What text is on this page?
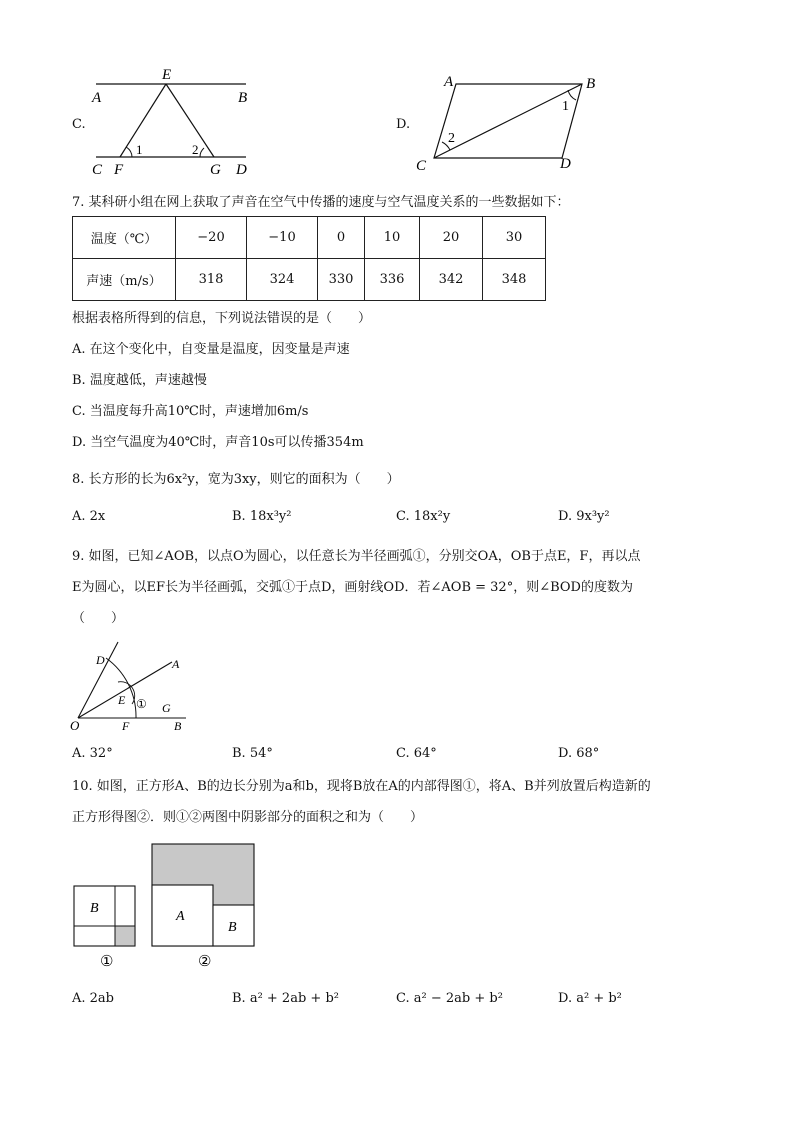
C.
A	B
E
C F	G D
1	2
D.
A	B
C	D
2
1
7. 某科研小组在网上获取了声音在空气中传播的速度与空气温度关系的一些数据如下：
温度（℃）	−20	−10	0	10	20	30
声速（m/s）	318	324	330	336	342	348
根据表格所得到的信息，下列说法错误的是（　　）
A. 在这个变化中，自变量是温度，因变量是声速
B. 温度越低，声速越慢
C. 当温度每升高10℃时，声速增加6m/s
D. 当空气温度为40℃时，声音10s可以传播354m
8. 长方形的长为6x²y，宽为3xy，则它的面积为（　　）
A. 2x	B. 18x³y²	C. 18x²y	D. 9x³y²
9. 如图，已知∠AOB，以点O为圆心，以任意长为半径画弧①，分别交OA，OB于点E，F，再以点
E为圆心，以EF长为半径画弧，交弧①于点D，画射线OD．若∠AOB = 32°，则∠BOD的度数为
（　　）
O
A
B
D
E
F
G
①
A. 32°	B. 54°	C. 64°	D. 68°
10. 如图，正方形A、B的边长分别为a和b，现将B放在A的内部得图①，将A、B并列放置后构造新的
正方形得图②．则①②两图中阴影部分的面积之和为（　　）
B
①
A
B
②
A. 2ab	B. a² + 2ab + b²	C. a² − 2ab + b²	D. a² + b²
